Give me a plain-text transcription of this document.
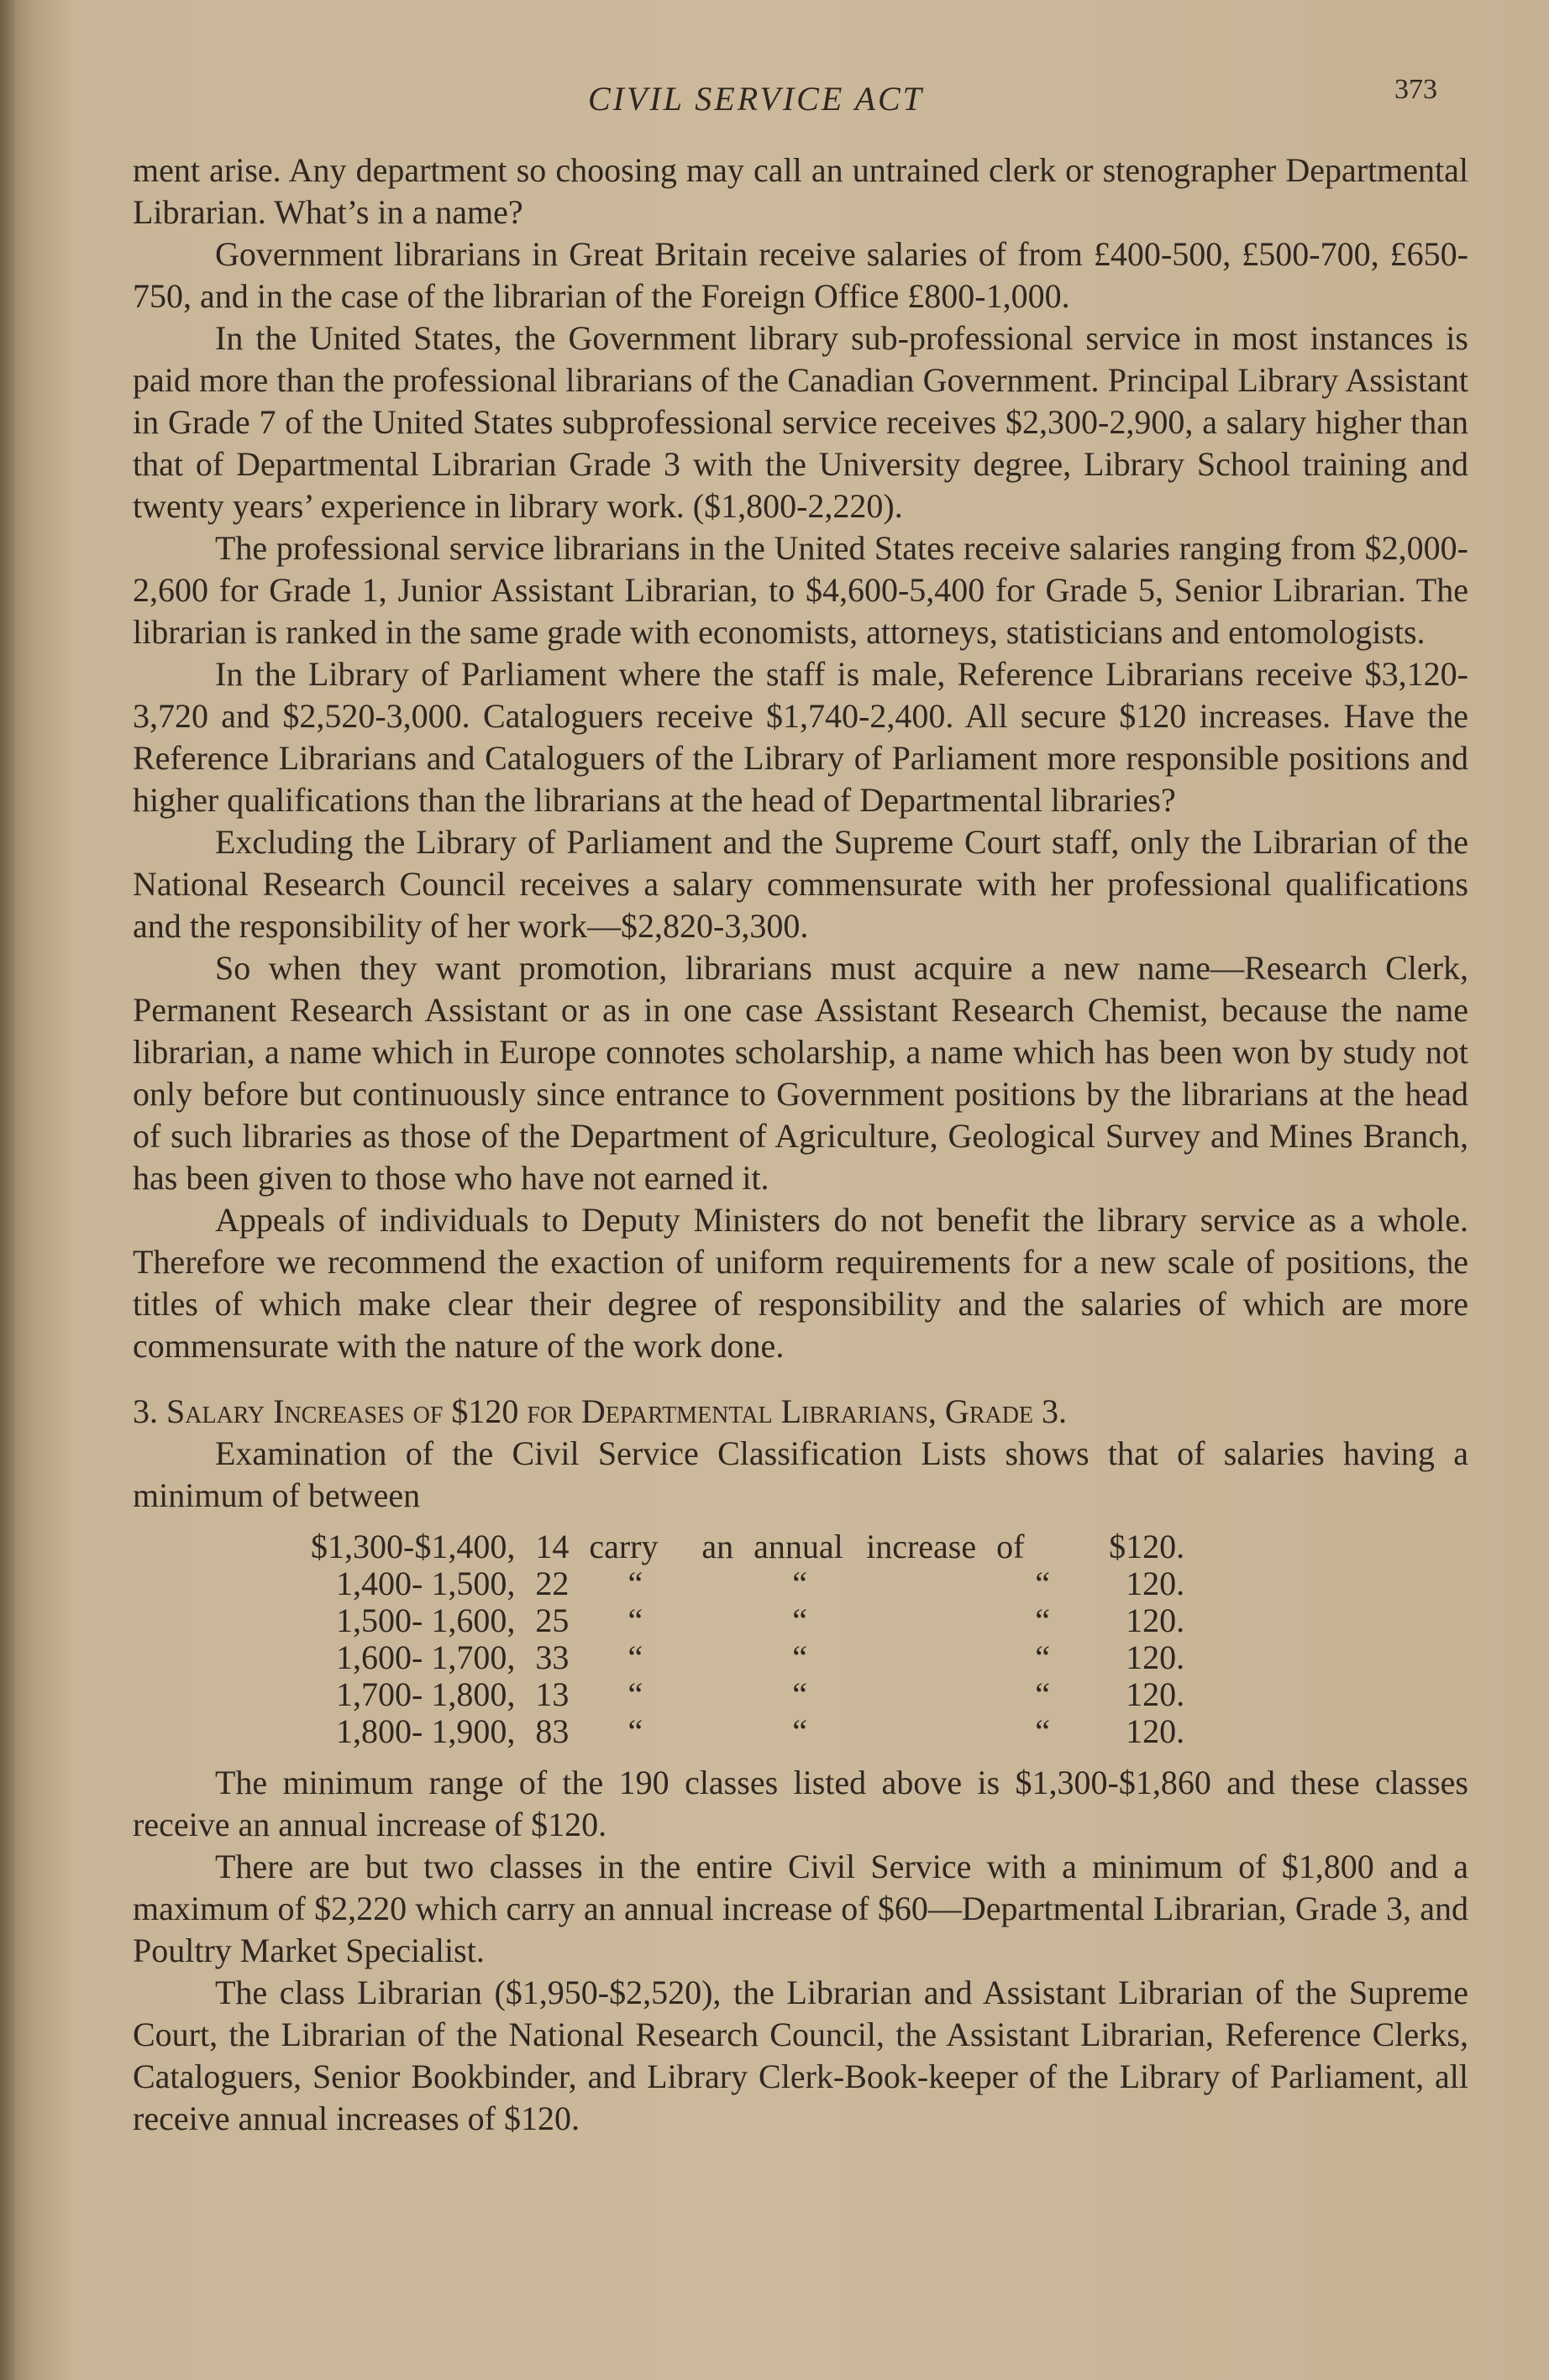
CIVIL SERVICE ACT	373

ment arise. Any department so choosing may call an untrained clerk or stenographer Departmental Librarian. What’s in a name?

Government librarians in Great Britain receive salaries of from £400-500, £500-700, £650-750, and in the case of the librarian of the Foreign Office £800-1,000.

In the United States, the Government library sub-professional service in most instances is paid more than the professional librarians of the Canadian Government. Principal Library Assistant in Grade 7 of the United States subprofessional service receives $2,300-2,900, a salary higher than that of Departmental Librarian Grade 3 with the University degree, Library School training and twenty years’ experience in library work. ($1,800-2,220).

The professional service librarians in the United States receive salaries ranging from $2,000-2,600 for Grade 1, Junior Assistant Librarian, to $4,600-5,400 for Grade 5, Senior Librarian. The librarian is ranked in the same grade with economists, attorneys, statisticians and entomologists.

In the Library of Parliament where the staff is male, Reference Librarians receive $3,120-3,720 and $2,520-3,000. Cataloguers receive $1,740-2,400. All secure $120 increases. Have the Reference Librarians and Cataloguers of the Library of Parliament more responsible positions and higher qualifications than the librarians at the head of Departmental libraries?

Excluding the Library of Parliament and the Supreme Court staff, only the Librarian of the National Research Council receives a salary commensurate with her professional qualifications and the responsibility of her work—$2,820-3,300.

So when they want promotion, librarians must acquire a new name—Research Clerk, Permanent Research Assistant or as in one case Assistant Research Chemist, because the name librarian, a name which in Europe connotes scholarship, a name which has been won by study not only before but continuously since entrance to Government positions by the librarians at the head of such libraries as those of the Department of Agriculture, Geological Survey and Mines Branch, has been given to those who have not earned it.

Appeals of individuals to Deputy Ministers do not benefit the library service as a whole. Therefore we recommend the exaction of uniform requirements for a new scale of positions, the titles of which make clear their degree of responsibility and the salaries of which are more commensurate with the nature of the work done.

3. Salary Increases of $120 for Departmental Librarians, Grade 3.

Examination of the Civil Service Classification Lists shows that of salaries having a minimum of between

$1,300-$1,400,	14	carry	an	annual	increase	of	$120.
1,400- 1,500,	22	“		“		“	120.
1,500- 1,600,	25	“		“		“	120.
1,600- 1,700,	33	“		“		“	120.
1,700- 1,800,	13	“		“		“	120.
1,800- 1,900,	83	“		“		“	120.

The minimum range of the 190 classes listed above is $1,300-$1,860 and these classes receive an annual increase of $120.

There are but two classes in the entire Civil Service with a minimum of $1,800 and a maximum of $2,220 which carry an annual increase of $60—Departmental Librarian, Grade 3, and Poultry Market Specialist.

The class Librarian ($1,950-$2,520), the Librarian and Assistant Librarian of the Supreme Court, the Librarian of the National Research Council, the Assistant Librarian, Reference Clerks, Cataloguers, Senior Bookbinder, and Library Clerk-Book-keeper of the Library of Parliament, all receive annual increases of $120.
